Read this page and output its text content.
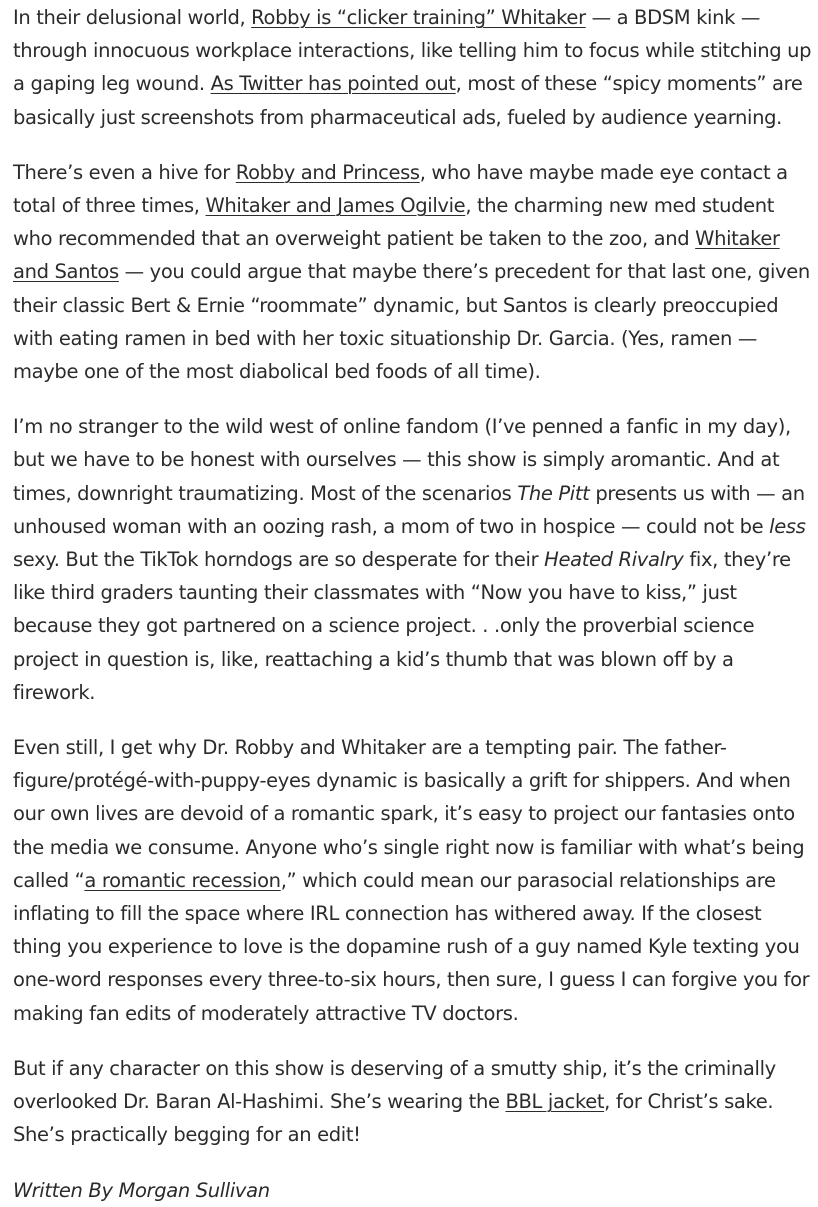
In their delusional world, Robby is “clicker training” Whitaker — a BDSM kink — through innocuous workplace interactions, like telling him to focus while stitching up a gaping leg wound. As Twitter has pointed out, most of these “spicy moments” are basically just screenshots from pharmaceutical ads, fueled by audience yearning.

There’s even a hive for Robby and Princess, who have maybe made eye contact a total of three times, Whitaker and James Ogilvie, the charming new med student who recommended that an overweight patient be taken to the zoo, and Whitaker and Santos — you could argue that maybe there’s precedent for that last one, given their classic Bert & Ernie “roommate” dynamic, but Santos is clearly preoccupied with eating ramen in bed with her toxic situationship Dr. Garcia. (Yes, ramen — maybe one of the most diabolical bed foods of all time).

I’m no stranger to the wild west of online fandom (I’ve penned a fanfic in my day), but we have to be honest with ourselves — this show is simply aromantic. And at times, downright traumatizing. Most of the scenarios The Pitt presents us with — an unhoused woman with an oozing rash, a mom of two in hospice — could not be less sexy. But the TikTok horndogs are so desperate for their Heated Rivalry fix, they’re like third graders taunting their classmates with “Now you have to kiss,” just because they got partnered on a science project. . .only the proverbial science project in question is, like, reattaching a kid’s thumb that was blown off by a firework.

Even still, I get why Dr. Robby and Whitaker are a tempting pair. The father-figure/protégé-with-puppy-eyes dynamic is basically a grift for shippers. And when our own lives are devoid of a romantic spark, it’s easy to project our fantasies onto the media we consume. Anyone who’s single right now is familiar with what’s being called “a romantic recession,” which could mean our parasocial relationships are inflating to fill the space where IRL connection has withered away. If the closest thing you experience to love is the dopamine rush of a guy named Kyle texting you one-word responses every three-to-six hours, then sure, I guess I can forgive you for making fan edits of moderately attractive TV doctors.

But if any character on this show is deserving of a smutty ship, it’s the criminally overlooked Dr. Baran Al-Hashimi. She’s wearing the BBL jacket, for Christ’s sake. She’s practically begging for an edit!

Written By Morgan Sullivan
